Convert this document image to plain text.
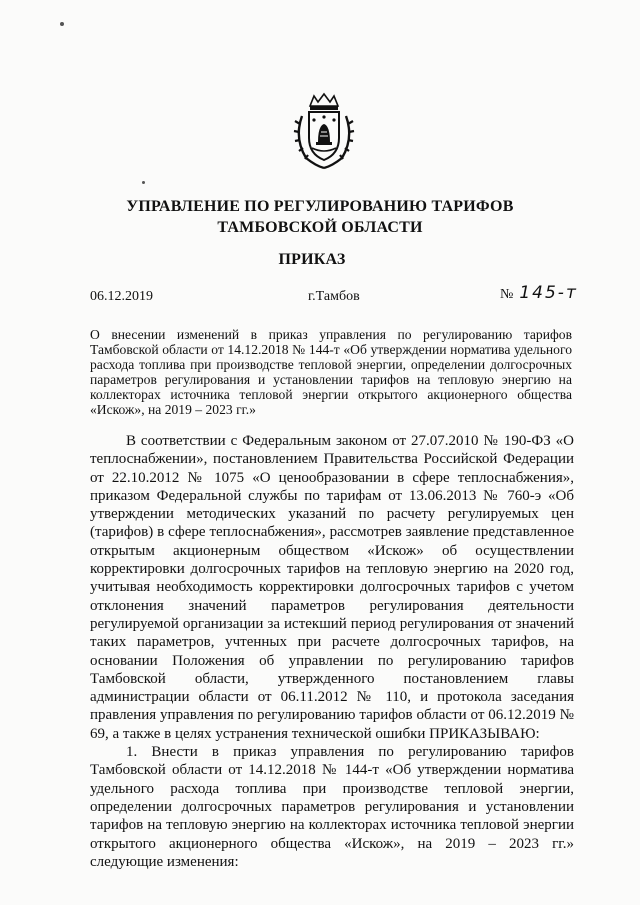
УПРАВЛЕНИЕ ПО РЕГУЛИРОВАНИЮ ТАРИФОВ
ТАМБОВСКОЙ ОБЛАСТИ
ПРИКАЗ
06.12.2019	г.Тамбов	№ 145-т
О внесении изменений в приказ управления по регулированию тарифов Тамбовской области от 14.12.2018 № 144-т «Об утверждении норматива удельного расхода топлива при производстве тепловой энергии, определении долгосрочных параметров регулирования и установлении тарифов на тепловую энергию на коллекторах источника тепловой энергии открытого акционерного общества «Искож», на 2019 – 2023 гг.»

В соответствии с Федеральным законом от 27.07.2010 № 190-ФЗ «О теплоснабжении», постановлением Правительства Российской Федерации от 22.10.2012 № 1075 «О ценообразовании в сфере теплоснабжения», приказом Федеральной службы по тарифам от 13.06.2013 № 760-э «Об утверждении методических указаний по расчету регулируемых цен (тарифов) в сфере теплоснабжения», рассмотрев заявление представленное открытым акционерным обществом «Искож» об осуществлении корректировки долгосрочных тарифов на тепловую энергию на 2020 год, учитывая необходимость корректировки долгосрочных тарифов с учетом отклонения значений параметров регулирования деятельности регулируемой организации за истекший период регулирования от значений таких параметров, учтенных при расчете долгосрочных тарифов, на основании Положения об управлении по регулированию тарифов Тамбовской области, утвержденного постановлением главы администрации области от 06.11.2012 № 110, и протокола заседания правления управления по регулированию тарифов области от 06.12.2019 № 69, а также в целях устранения технической ошибки ПРИКАЗЫВАЮ:

1. Внести в приказ управления по регулированию тарифов Тамбовской области от 14.12.2018 № 144-т «Об утверждении норматива удельного расхода топлива при производстве тепловой энергии, определении долгосрочных параметров регулирования и установлении тарифов на тепловую энергию на коллекторах источника тепловой энергии открытого акционерного общества «Искож», на 2019 – 2023 гг.» следующие изменения:
